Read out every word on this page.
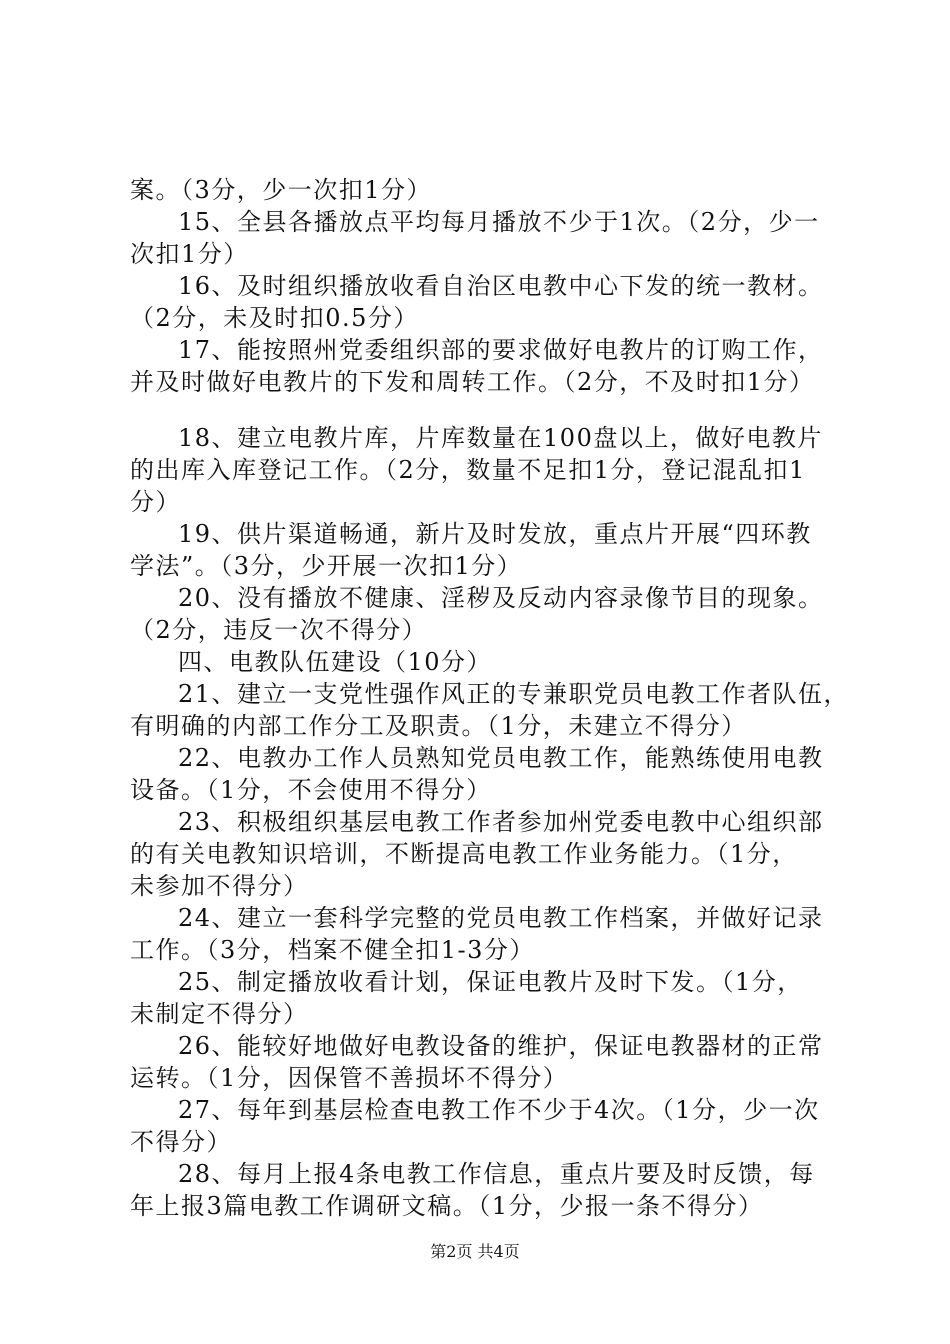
案。（3分，少一次扣1分）
15、全县各播放点平均每月播放不少于1次。（2分，少一
次扣1分）
16、及时组织播放收看自治区电教中心下发的统一教材。
（2分，未及时扣0.5分）
17、能按照州党委组织部的要求做好电教片的订购工作，
并及时做好电教片的下发和周转工作。（2分，不及时扣1分）
18、建立电教片库，片库数量在100盘以上，做好电教片
的出库入库登记工作。（2分，数量不足扣1分，登记混乱扣1
分）
19、供片渠道畅通，新片及时发放，重点片开展“四环教
学法”。（3分，少开展一次扣1分）
20、没有播放不健康、淫秽及反动内容录像节目的现象。
（2分，违反一次不得分）
四、电教队伍建设（10分）
21、建立一支党性强作风正的专兼职党员电教工作者队伍，
有明确的内部工作分工及职责。（1分，未建立不得分）
22、电教办工作人员熟知党员电教工作，能熟练使用电教
设备。（1分，不会使用不得分）
23、积极组织基层电教工作者参加州党委电教中心组织部
的有关电教知识培训，不断提高电教工作业务能力。（1分，
未参加不得分）
24、建立一套科学完整的党员电教工作档案，并做好记录
工作。（3分，档案不健全扣1-3分）
25、制定播放收看计划，保证电教片及时下发。（1分，
未制定不得分）
26、能较好地做好电教设备的维护，保证电教器材的正常
运转。（1分，因保管不善损坏不得分）
27、每年到基层检查电教工作不少于4次。（1分，少一次
不得分）
28、每月上报4条电教工作信息，重点片要及时反馈，每
年上报3篇电教工作调研文稿。（1分，少报一条不得分）
第2页 共4页
